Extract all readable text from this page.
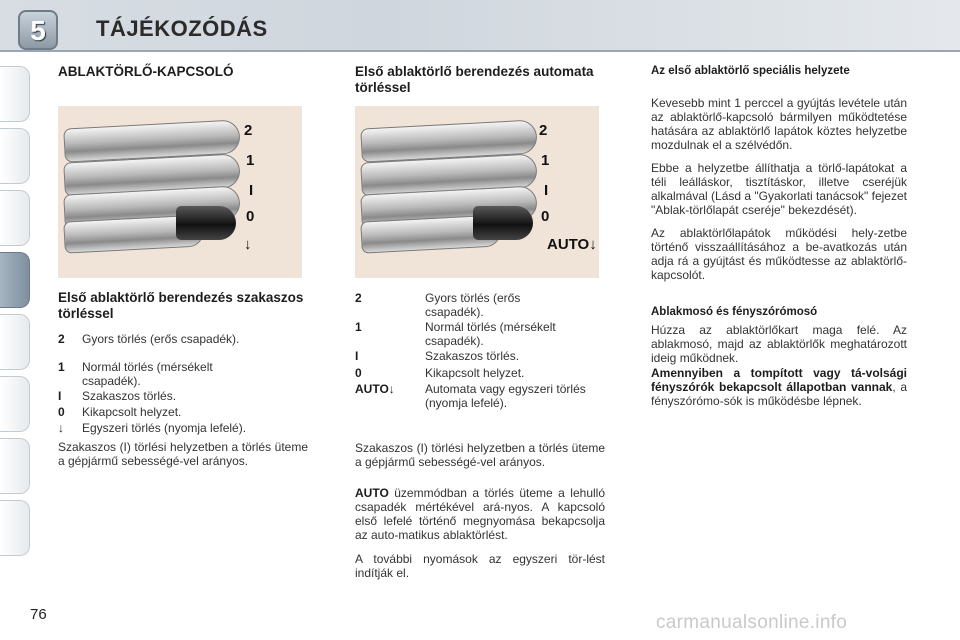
5	TÁJÉKOZÓDÁS
ABLAKTÖRLŐ-KAPCSOLÓ
2
1
I
0
↓
Első ablaktörlő berendezés szakaszos törléssel
2 Gyors törlés (erős csapadék).
1 Normál törlés (mérsékelt csapadék).
I Szakaszos törlés.
0 Kikapcsolt helyzet.
↓ Egyszeri törlés (nyomja lefelé).
Szakaszos (I) törlési helyzetben a törlés üteme a gépjármű sebességé-vel arányos.
Első ablaktörlő berendezés automata törléssel
2
1
I
0
AUTO↓
2	Gyors törlés (erős csapadék).
1	Normál törlés (mérsékelt csapadék).
I	Szakaszos törlés.
0	Kikapcsolt helyzet.
AUTO↓	Automata vagy egyszeri törlés (nyomja lefelé).
Szakaszos (I) törlési helyzetben a törlés üteme a gépjármű sebességé-vel arányos.
AUTO üzemmódban a törlés üteme a lehulló csapadék mértékével ará-nyos. A kapcsoló első lefelé történő megnyomása bekapcsolja az auto-matikus ablaktörlést.
A további nyomások az egyszeri tör-lést indítják el.
Az első ablaktörlő speciális helyzete
Kevesebb mint 1 perccel a gyújtás levétele után az ablaktörlő-kapcsoló bármilyen működtetése hatására az ablaktörlő lapátok köztes helyzetbe mozdulnak el a szélvédőn.
Ebbe a helyzetbe állíthatja a törlő-lapátokat a téli leálláskor, tisztításkor, illetve cseréjük alkalmával (Lásd a "Gyakorlati tanácsok" fejezet "Ablak-törlőlapát cseréje" bekezdését).
Az ablaktörlőlapátok működési hely-zetbe történő visszaállításához a be-avatkozás után adja rá a gyújtást és működtesse az ablaktörlő-kapcsolót.
Ablakmosó és fényszórómosó
Húzza az ablaktörlőkart maga felé. Az ablakmosó, majd az ablaktörlők meghatározott ideig működnek.
Amennyiben a tompított vagy tá-volsági fényszórók bekapcsolt állapotban vannak, a fényszórómo-sók is működésbe lépnek.
76	carmanualsonline.info
